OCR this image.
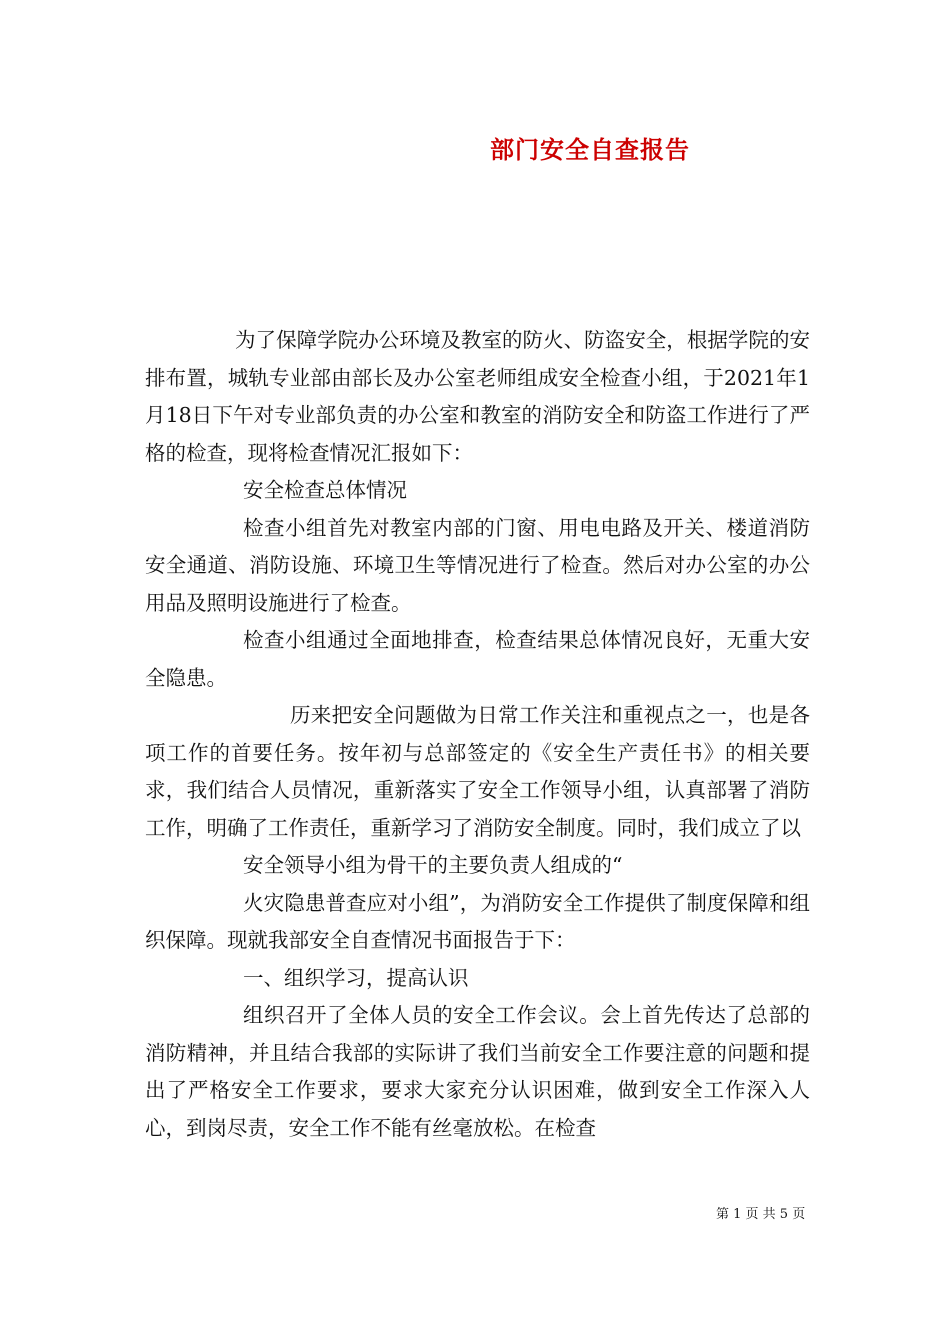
部门安全自查报告

为了保障学院办公环境及教室的防火、防盗安全，根据学院的安排布置，城轨专业部由部长及办公室老师组成安全检查小组，于2021年1月18日下午对专业部负责的办公室和教室的消防安全和防盗工作进行了严格的检查，现将检查情况汇报如下：

安全检查总体情况

检查小组首先对教室内部的门窗、用电电路及开关、楼道消防安全通道、消防设施、环境卫生等情况进行了检查。然后对办公室的办公用品及照明设施进行了检查。

检查小组通过全面地排查，检查结果总体情况良好，无重大安全隐患。

历来把安全问题做为日常工作关注和重视点之一，也是各项工作的首要任务。按年初与总部签定的《安全生产责任书》的相关要求，我们结合人员情况，重新落实了安全工作领导小组，认真部署了消防工作，明确了工作责任，重新学习了消防安全制度。同时，我们成立了以

安全领导小组为骨干的主要负责人组成的“

火灾隐患普查应对小组”，为消防安全工作提供了制度保障和组织保障。现就我部安全自查情况书面报告于下：

一、组织学习，提高认识

组织召开了全体人员的安全工作会议。会上首先传达了总部的消防精神，并且结合我部的实际讲了我们当前安全工作要注意的问题和提出了严格安全工作要求，要求大家充分认识困难，做到安全工作深入人心，到岗尽责，安全工作不能有丝毫放松。在检查

第 1 页 共 5 页
